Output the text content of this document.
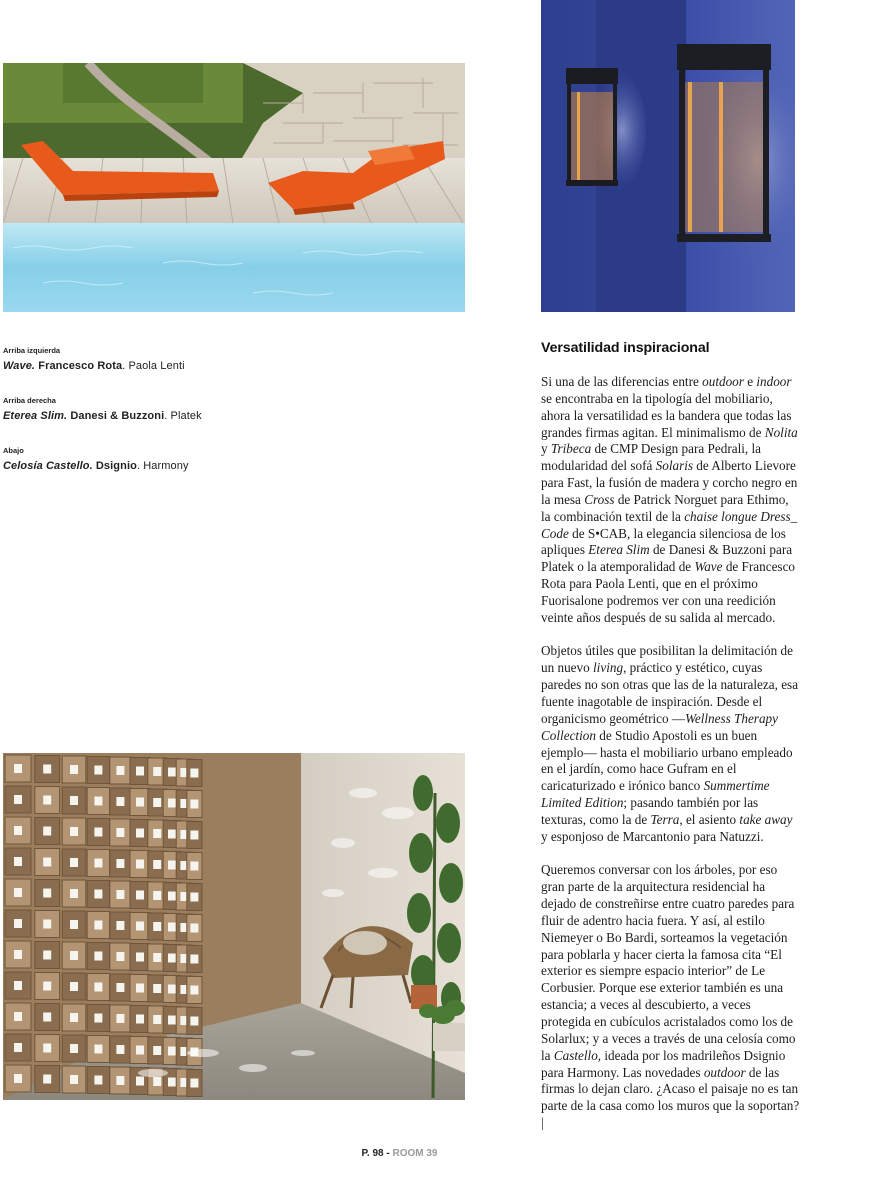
Arriba izquierda
Wave. Francesco Rota. Paola Lenti
Arriba derecha
Eterea Slim. Danesi & Buzzoni. Platek
Abajo
Celosía Castello. Dsignio. Harmony
Versatilidad inspiracional

Si una de las diferencias entre outdoor e indoor se encontraba en la tipología del mobiliario, ahora la versatilidad es la bandera que todas las grandes firmas agitan. El minimalismo de Nolita y Tribeca de CMP Design para Pedrali, la modularidad del sofá Solaris de Alberto Lievore para Fast, la fusión de madera y corcho negro en la mesa Cross de Patrick Norguet para Ethimo, la combinación textil de la chaise longue Dress_ Code de S•CAB, la elegancia silenciosa de los apliques Eterea Slim de Danesi & Buzzoni para Platek o la atemporalidad de Wave de Francesco Rota para Paola Lenti, que en el próximo Fuorisalone podremos ver con una reedición veinte años después de su salida al mercado.

Objetos útiles que posibilitan la delimitación de un nuevo living, práctico y estético, cuyas paredes no son otras que las de la naturaleza, esa fuente inagotable de inspiración. Desde el organicismo geométrico —Wellness Therapy Collection de Studio Apostoli es un buen ejemplo— hasta el mobiliario urbano empleado en el jardín, como hace Gufram en el caricaturizado e irónico banco Summertime Limited Edition; pasando también por las texturas, como la de Terra, el asiento take away y esponjoso de Marcantonio para Natuzzi.

Queremos conversar con los árboles, por eso gran parte de la arquitectura residencial ha dejado de constreñirse entre cuatro paredes para fluir de adentro hacia fuera. Y así, al estilo Niemeyer o Bo Bardi, sorteamos la vegetación para poblarla y hacer cierta la famosa cita “El exterior es siempre espacio interior” de Le Corbusier. Porque ese exterior también es una estancia; a veces al descubierto, a veces protegida en cubículos acristalados como los de Solarlux; y a veces a través de una celosía como la Castello, ideada por los madrileños Dsignio para Harmony. Las novedades outdoor de las firmas lo dejan claro. ¿Acaso el paisaje no es tan parte de la casa como los muros que la soportan? |

P. 98 - ROOM 39
